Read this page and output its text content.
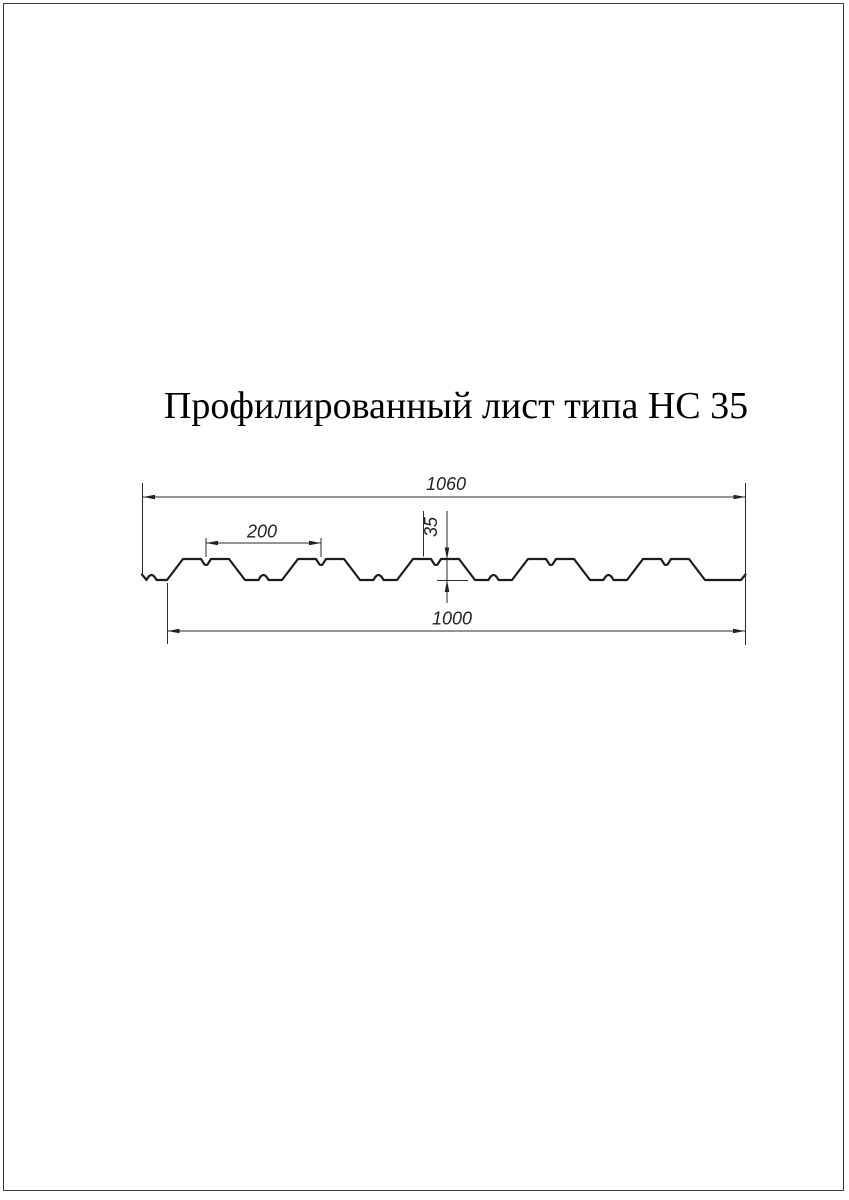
Профилированный лист типа НС 35
1060
200	35
1000
